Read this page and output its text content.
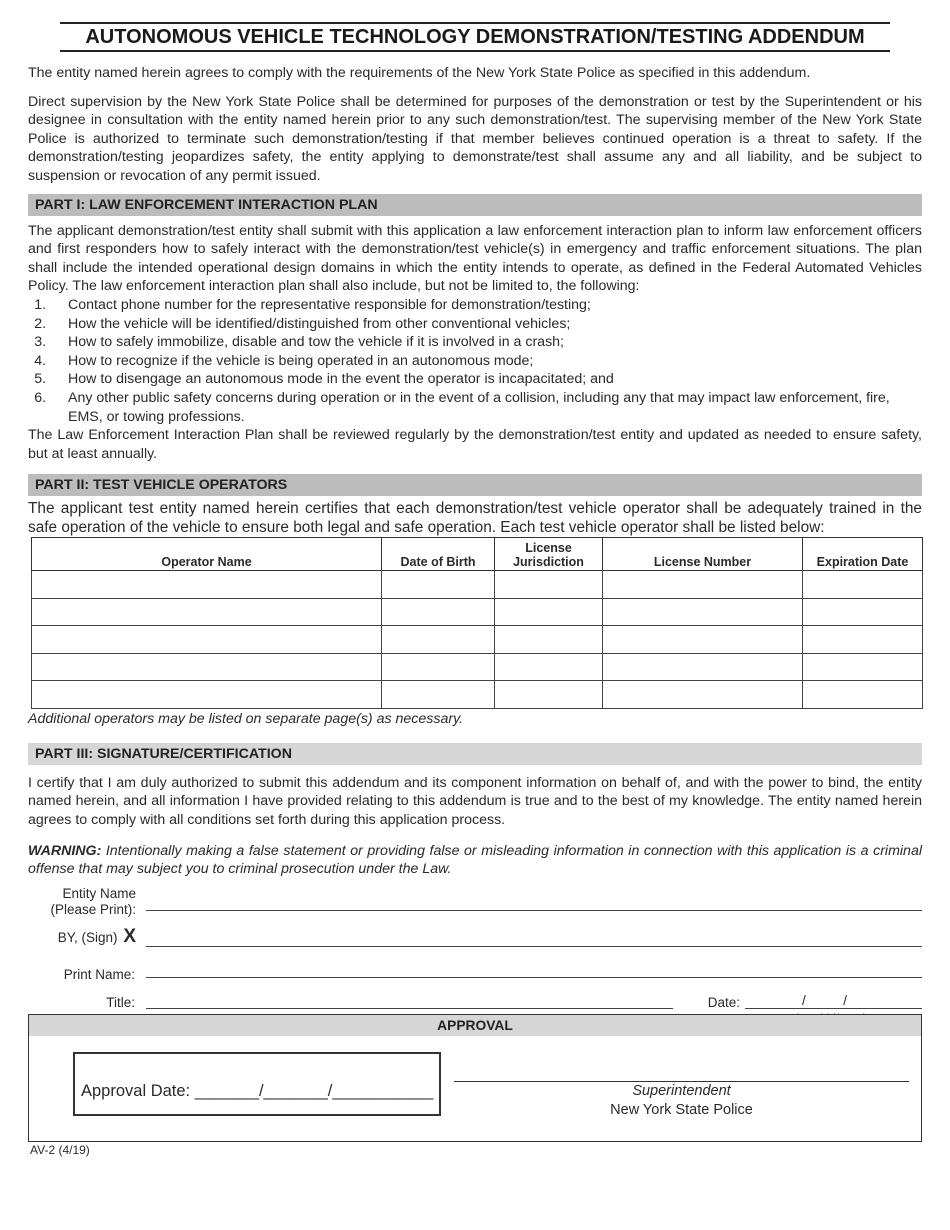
AUTONOMOUS VEHICLE TECHNOLOGY DEMONSTRATION/TESTING ADDENDUM

The entity named herein agrees to comply with the requirements of the New York State Police as specified in this addendum.

Direct supervision by the New York State Police shall be determined for purposes of the demonstration or test by the Superintendent or his designee in consultation with the entity named herein prior to any such demonstration/test. The supervising member of the New York State Police is authorized to terminate such demonstration/testing if that member believes continued operation is a threat to safety. If the demonstration/testing jeopardizes safety, the entity applying to demonstrate/test shall assume any and all liability, and be subject to suspension or revocation of any permit issued.

PART I: LAW ENFORCEMENT INTERACTION PLAN

The applicant demonstration/test entity shall submit with this application a law enforcement interaction plan to inform law enforcement officers and first responders how to safely interact with the demonstration/test vehicle(s) in emergency and traffic enforcement situations. The plan shall include the intended operational design domains in which the entity intends to operate, as defined in the Federal Automated Vehicles Policy. The law enforcement interaction plan shall also include, but not be limited to, the following:

1. Contact phone number for the representative responsible for demonstration/testing;
2. How the vehicle will be identified/distinguished from other conventional vehicles;
3. How to safely immobilize, disable and tow the vehicle if it is involved in a crash;
4. How to recognize if the vehicle is being operated in an autonomous mode;
5. How to disengage an autonomous mode in the event the operator is incapacitated; and
6. Any other public safety concerns during operation or in the event of a collision, including any that may impact law enforcement, fire, EMS, or towing professions.

The Law Enforcement Interaction Plan shall be reviewed regularly by the demonstration/test entity and updated as needed to ensure safety, but at least annually.

PART II: TEST VEHICLE OPERATORS

The applicant test entity named herein certifies that each demonstration/test vehicle operator shall be adequately trained in the safe operation of the vehicle to ensure both legal and safe operation. Each test vehicle operator shall be listed below:

Operator Name	Date of Birth	License Jurisdiction	License Number	Expiration Date

Additional operators may be listed on separate page(s) as necessary.
PART III: SIGNATURE/CERTIFICATION

I certify that I am duly authorized to submit this addendum and its component information on behalf of, and with the power to bind, the entity named herein, and all information I have provided relating to this addendum is true and to the best of my knowledge. The entity named herein agrees to comply with all conditions set forth during this application process.

WARNING: Intentionally making a false statement or providing false or misleading information in connection with this application is a criminal offense that may subject you to criminal prosecution under the Law.

Entity Name
(Please Print):
BY, (Sign) X
Print Name:
Title:	Date:	/          /
APPROVAL
Approval Date: _______/_______/___________	Superintendent
New York State Police
AV-2 (4/19)
